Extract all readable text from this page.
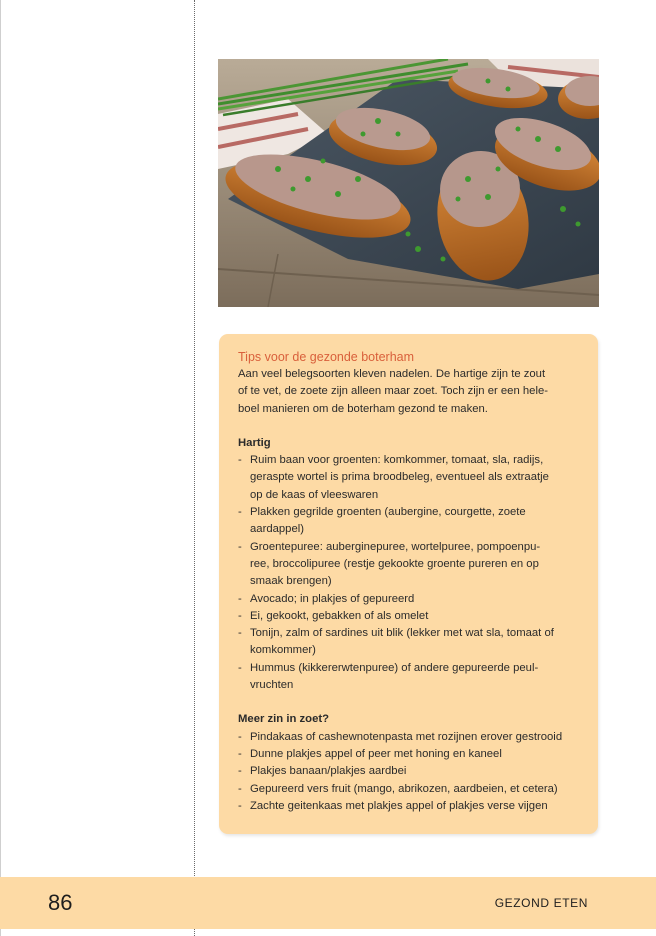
Tips voor de gezonde boterham

Aan veel belegsoorten kleven nadelen. De hartige zijn te zout
of te vet, de zoete zijn alleen maar zoet. Toch zijn er een hele-
boel manieren om de boterham gezond te maken.

Hartig

- Ruim baan voor groenten: komkommer, tomaat, sla, radijs,
geraspte wortel is prima broodbeleg, eventueel als extraatje
op de kaas of vleeswaren
- Plakken gegrilde groenten (aubergine, courgette, zoete
aardappel)
- Groentepuree: auberginepuree, wortelpuree, pompoenpu-
ree, broccolipuree (restje gekookte groente pureren en op
smaak brengen)
- Avocado; in plakjes of gepureerd
- Ei, gekookt, gebakken of als omelet
- Tonijn, zalm of sardines uit blik (lekker met wat sla, tomaat of
komkommer)
- Hummus (kikkererwtenpuree) of andere gepureerde peul-
vruchten

Meer zin in zoet?

- Pindakaas of cashewnotenpasta met rozijnen erover gestrooid
- Dunne plakjes appel of peer met honing en kaneel
- Plakjes banaan/plakjes aardbei
- Gepureerd vers fruit (mango, abrikozen, aardbeien, et cetera)
- Zachte geitenkaas met plakjes appel of plakjes verse vijgen
86	GEZOND ETEN
